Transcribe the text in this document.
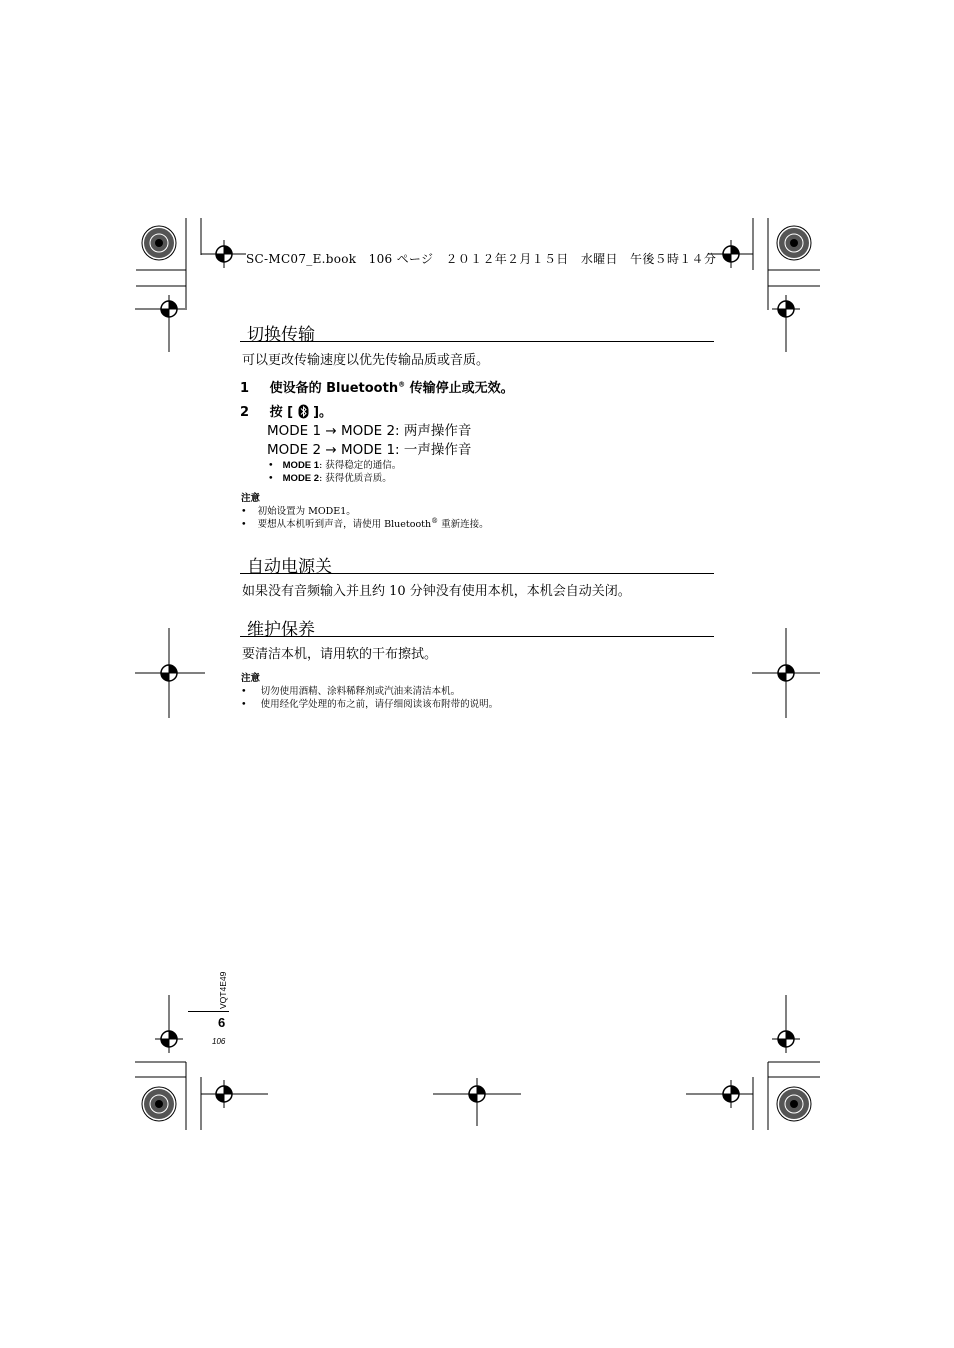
SC-MC07_E.book　106 ページ　２０１２年２月１５日　水曜日　午後５時１４分
切换传输
可以更改传输速度以优先传输品质或音质。
1 使设备的 Bluetooth® 传输停止或无效。
2 按 [ ]。
MODE 1 → MODE 2: 两声操作音
MODE 2 → MODE 1: 一声操作音
• MODE 1: 获得稳定的通信。
• MODE 2: 获得优质音质。
注意
• 初始设置为 MODE1。
• 要想从本机听到声音，请使用 Bluetooth® 重新连接。
自动电源关
如果没有音频输入并且约 10 分钟没有使用本机，本机会自动关闭。
维护保养
要清洁本机，请用软的干布擦拭。
注意
• 切勿使用酒精、涂料稀释剂或汽油来清洁本机。
• 使用经化学处理的布之前，请仔细阅读该布附带的说明。
VQT4E49
6
106
